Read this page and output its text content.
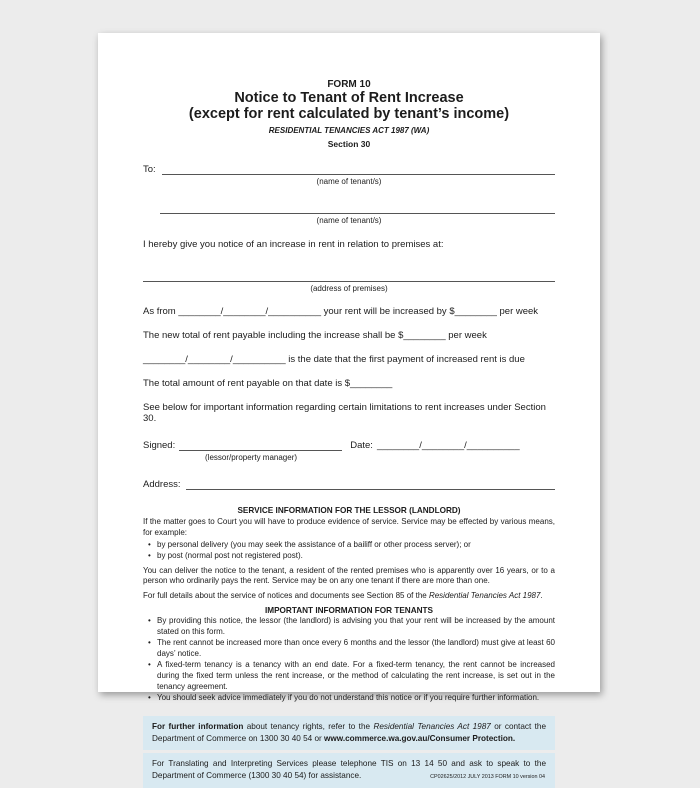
FORM 10
Notice to Tenant of Rent Increase
(except for rent calculated by tenant’s income)
RESIDENTIAL TENANCIES ACT 1987 (WA)
Section 30
To:
(name of tenant/s)
(name of tenant/s)

I hereby give you notice of an increase in rent in relation to premises at:

(address of premises)

As from ________/________/__________ your rent will be increased by $________ per week

The new total of rent payable including the increase shall be $________ per week

________/________/__________ is the date that the first payment of increased rent is due

The total amount of rent payable on that date is $________

See below for important information regarding certain limitations to rent increases under Section 30.

Signed:	Date: ________/________/__________
(lessor/property manager)
Address:
SERVICE INFORMATION FOR THE LESSOR (LANDLORD)

If the matter goes to Court you will have to produce evidence of service. Service may be effected by various means, for example:

• by personal delivery (you may seek the assistance of a bailiff or other process server); or
• by post (normal post not registered post).

You can deliver the notice to the tenant, a resident of the rented premises who is apparently over 16 years, or to a person who ordinarily pays the rent. Service may be on any one tenant if there are more than one.

For full details about the service of notices and documents see Section 85 of the Residential Tenancies Act 1987.

IMPORTANT INFORMATION FOR TENANTS
• By providing this notice, the lessor (the landlord) is advising you that your rent will be increased by the amount stated on this form.
• The rent cannot be increased more than once every 6 months and the lessor (the landlord) must give at least 60 days’ notice.
• A fixed-term tenancy is a tenancy with an end date. For a fixed-term tenancy, the rent cannot be increased during the fixed term unless the rent increase, or the method of calculating the rent increase, is set out in the tenancy agreement.
• You should seek advice immediately if you do not understand this notice or if you require further information.
For further information about tenancy rights, refer to the Residential Tenancies Act 1987 or contact the Department of Commerce on 1300 30 40 54 or www.commerce.wa.gov.au/Consumer Protection.
For Translating and Interpreting Services please telephone TIS on 13 14 50 and ask to speak to the Department of Commerce (1300 30 40 54) for assistance.	CP02625/2012 JULY 2013 FORM 10 version 04
